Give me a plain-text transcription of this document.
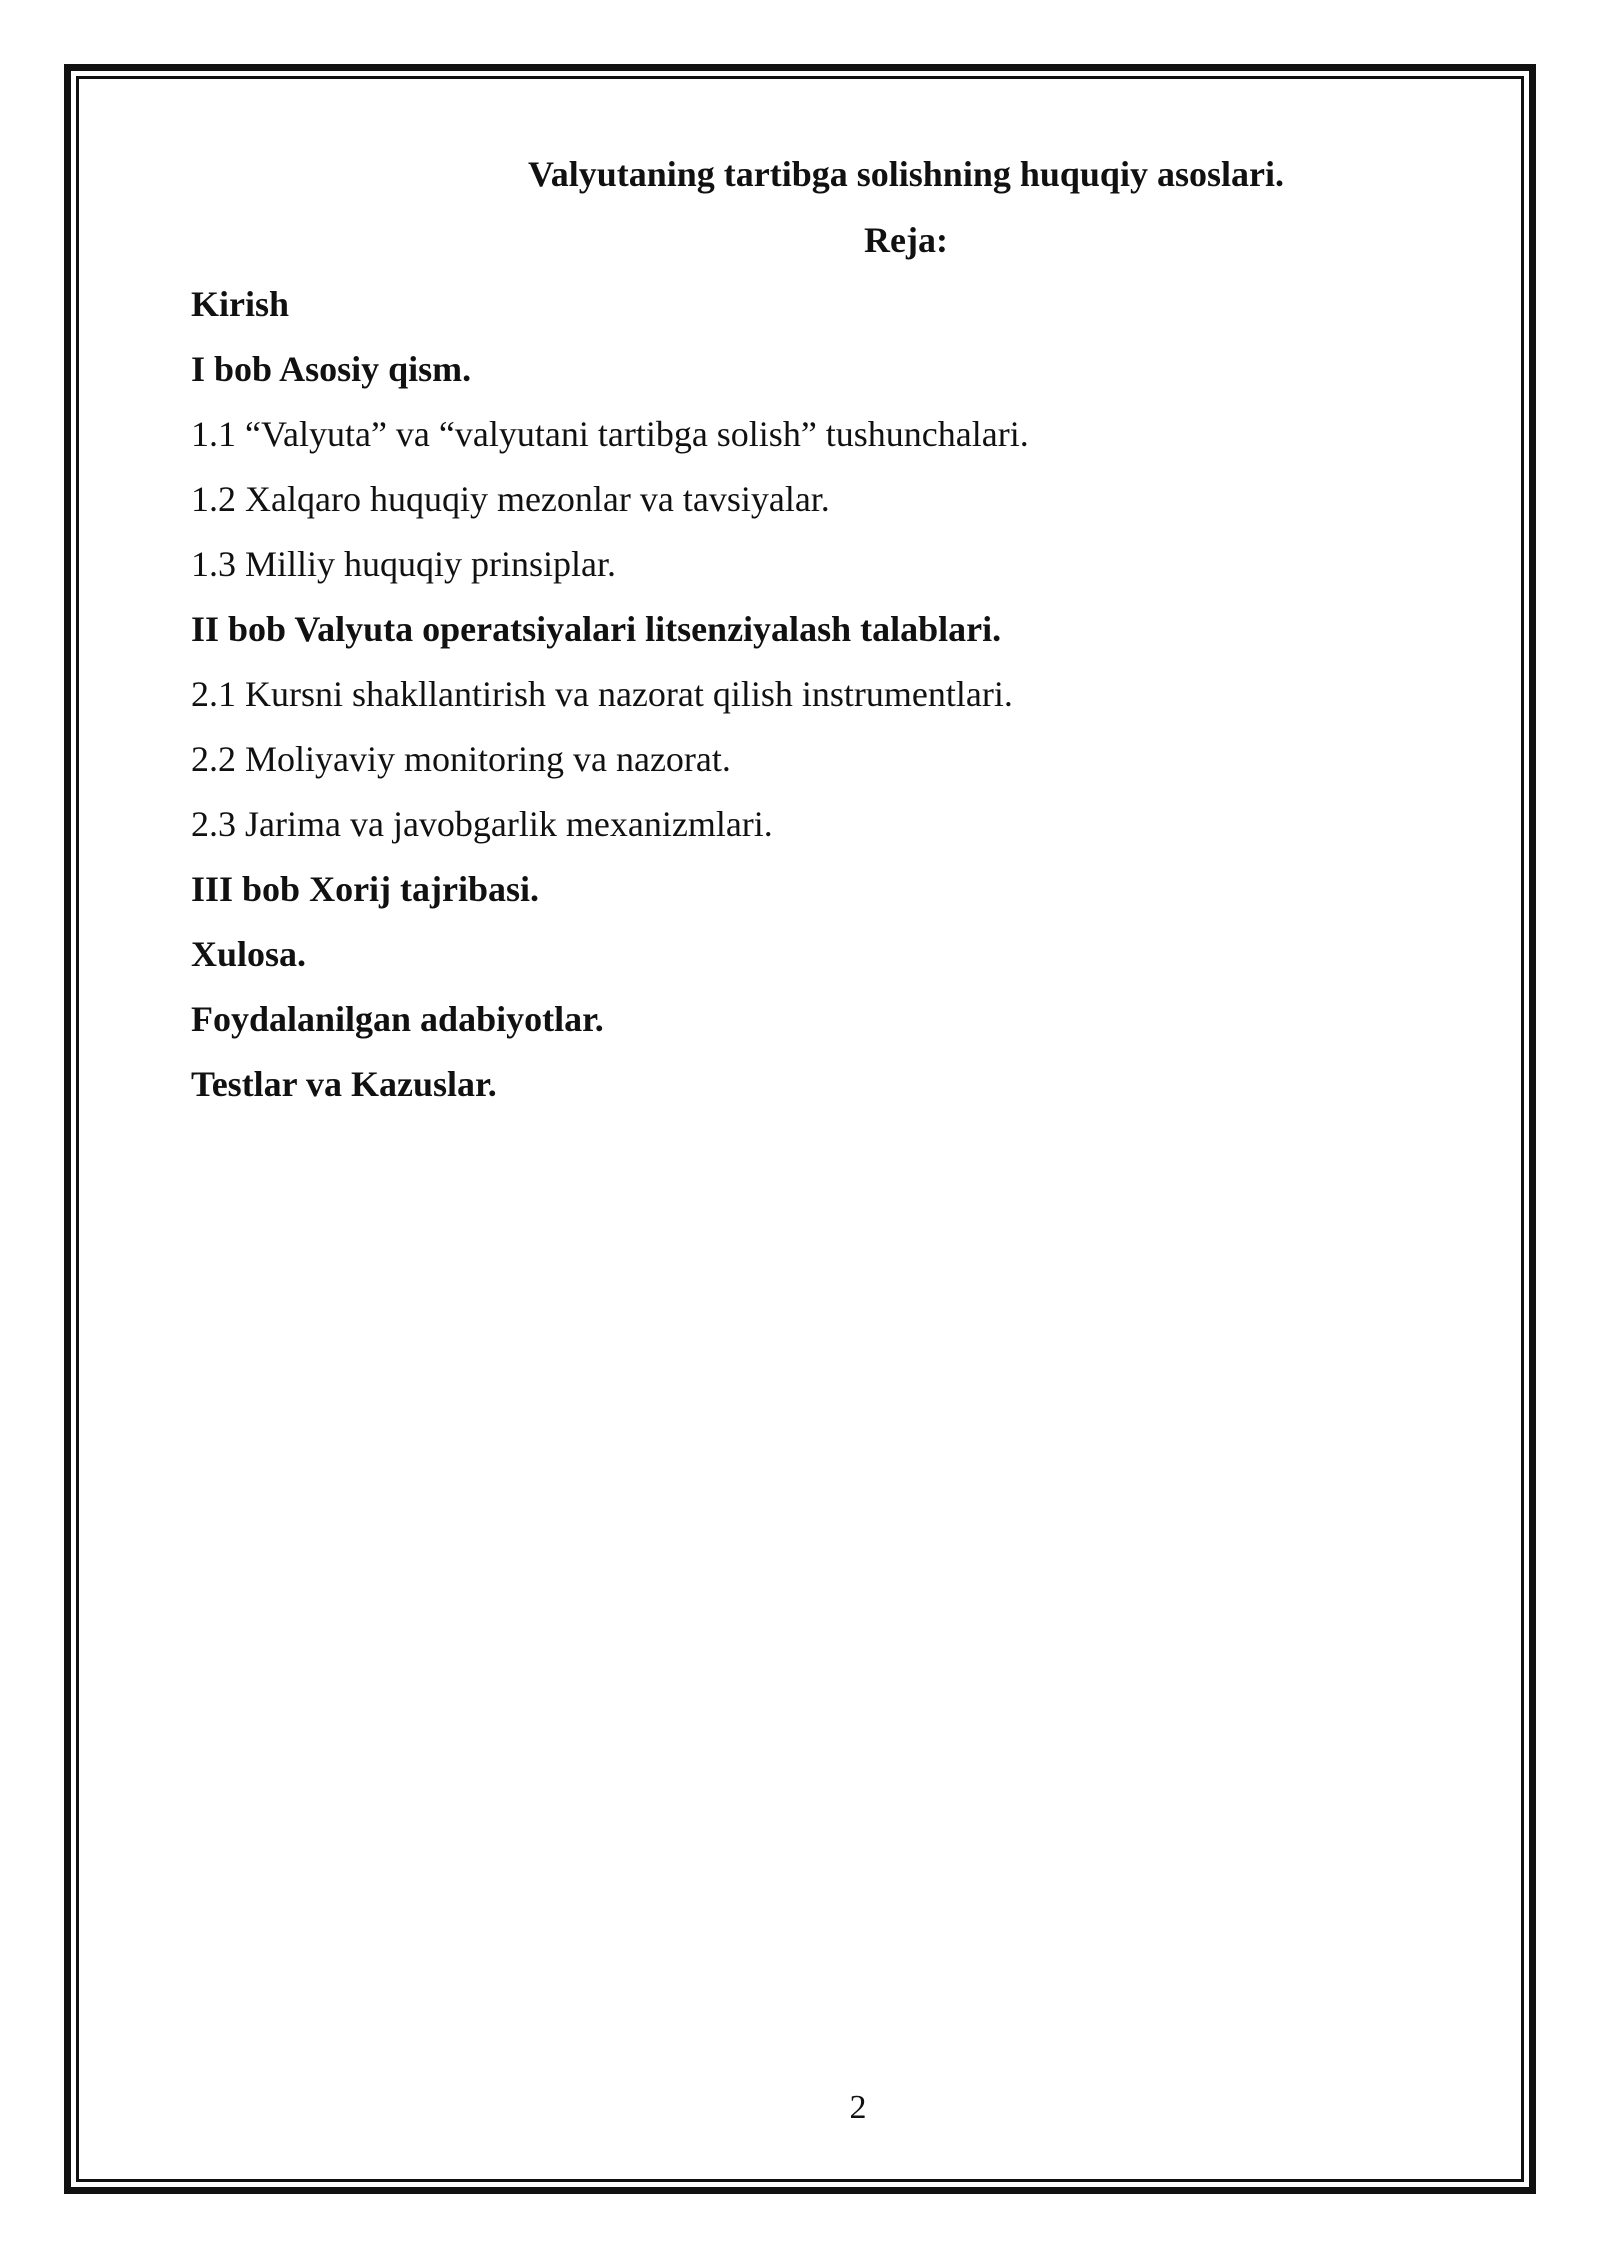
Valyutaning tartibga solishning huquqiy asoslari.
Reja:
Kirish
I bob Asosiy qism.
1.1 “Valyuta” va “valyutani tartibga solish” tushunchalari.
1.2 Xalqaro huquqiy mezonlar va tavsiyalar.
1.3 Milliy huquqiy prinsiplar.
II bob Valyuta operatsiyalari litsenziyalash talablari.
2.1 Kursni shakllantirish va nazorat qilish instrumentlari.
2.2 Moliyaviy monitoring va nazorat.
2.3 Jarima va javobgarlik mexanizmlari.
III bob Xorij tajribasi.
Xulosa.
Foydalanilgan adabiyotlar.
Testlar va Kazuslar.
2
